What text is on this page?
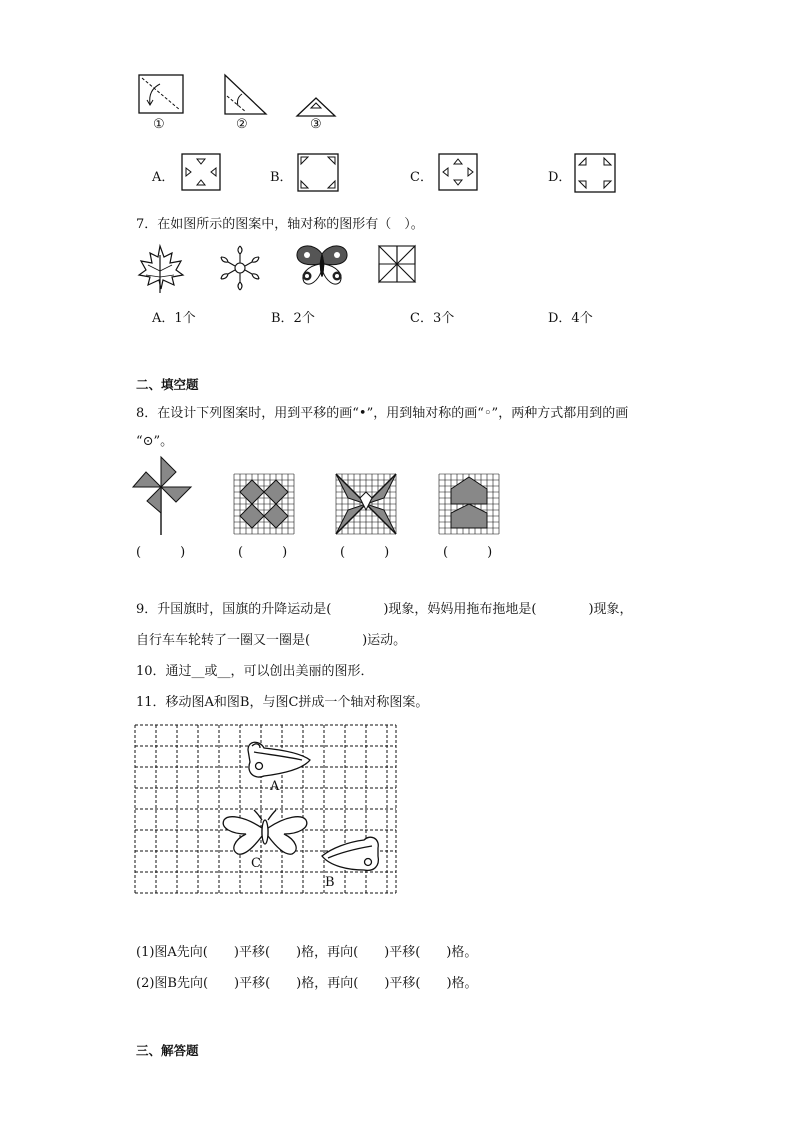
①	②	③
A．	B．	C．	D．
7．在如图所示的图案中，轴对称的图形有（　）。
A．1个	B．2个	C．3个	D．4个
二、填空题
8．在设计下列图案时，用到平移的画“•”，用到轴对称的画“◦”，两种方式都用到的画
“⊙”。
(　　　)	(　　　)	(　　　)	(　　　)
9．升国旗时，国旗的升降运动是(　　　　)现象，妈妈用拖布拖地是(　　　　)现象，
自行车车轮转了一圈又一圈是(　　　　)运动。
10．通过__或__，可以创出美丽的图形．
11．移动图A和图B，与图C拼成一个轴对称图案。
A
C
B
(1)图A先向(　　)平移(　　)格，再向(　　)平移(　　)格。
(2)图B先向(　　)平移(　　)格，再向(　　)平移(　　)格。
三、解答题
